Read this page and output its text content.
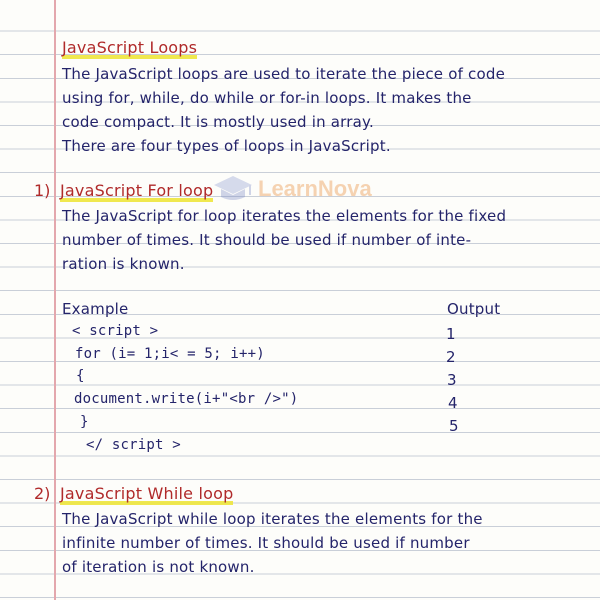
JavaScript Loops

The JavaScript loops are used to iterate the piece of code

using for, while, do while or for-in loops. It makes the

code compact. It is mostly used in array.

There are four types of loops in JavaScript.

LearnNova

1) JavaScript For loop

The JavaScript for loop iterates the elements for the fixed

number of times. It should be used if number of inte-

ration is known.

Example	Output

< script >

for (i= 1;i< = 5; i++)

{

document.write(i+"<br />")

}

</ script >

1

2

3

4

5

2) JavaScript While loop

The JavaScript while loop iterates the elements for the

infinite number of times. It should be used if number

of iteration is not known.
